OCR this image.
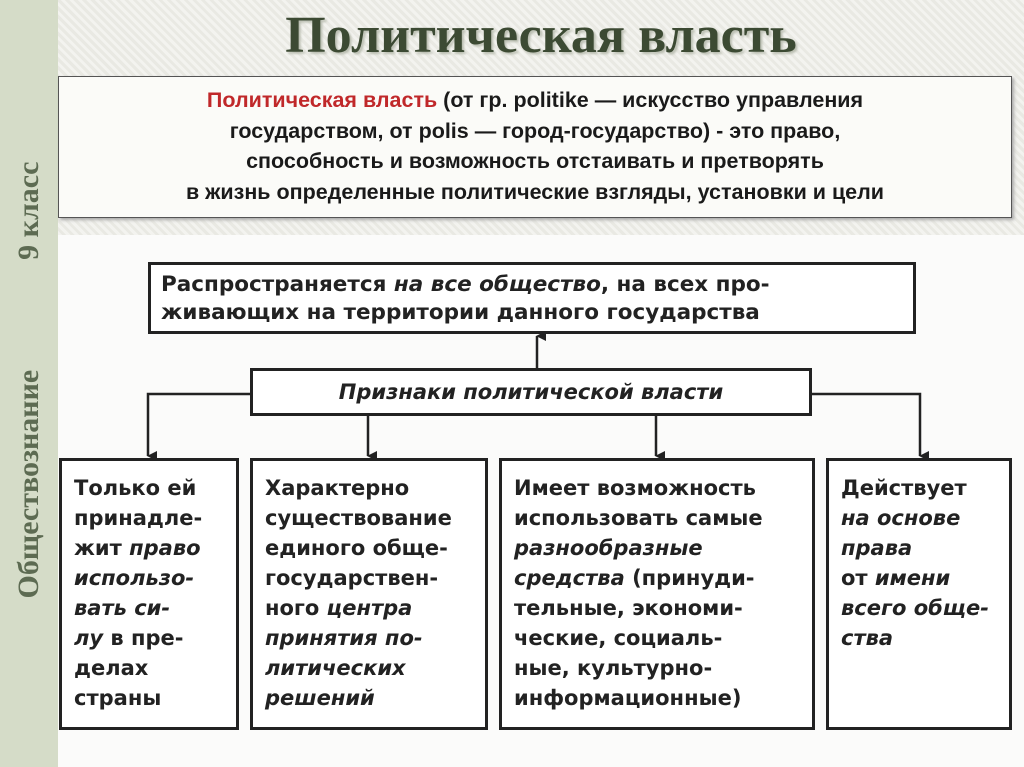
Обществознание9 класс
Политическая власть
Политическая власть (от гр. politike — искусство управления
государством, от polis — город-государство) - это право,
способность и возможность отстаивать и претворять
в жизнь определенные политические взгляды, установки и цели
Распространяется на все общество, на всех про-
живающих на территории данного государства
Признаки политической власти
Только ей
принадле-
жит право
использо-
вать си-
лу в пре-
делах
страны
Характерно
существование
единого обще-
государствен-
ного центра
принятия по-
литических
решений
Имеет возможность
использовать самые
разнообразные
средства (принуди-
тельные, экономи-
ческие, социаль-
ные, культурно-
информационные)
Действует
на основе
права
от имени
всего обще-
ства
